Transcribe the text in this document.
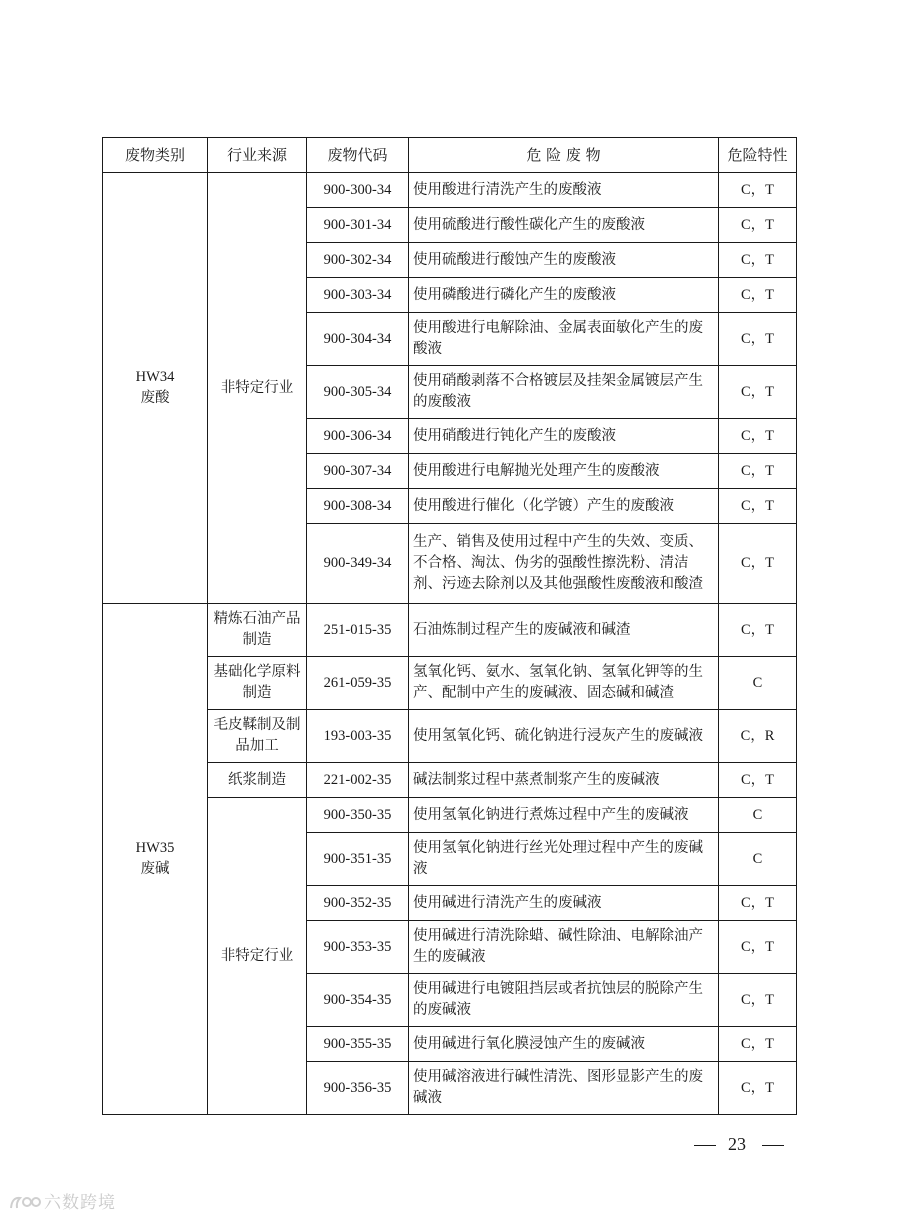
废物类别	行业来源	废物代码	危 险 废 物	危险特性
HW34
废酸	非特定行业	900-300-34	使用酸进行清洗产生的废酸液	C，T
		900-301-34	使用硫酸进行酸性碳化产生的废酸液	C，T
		900-302-34	使用硫酸进行酸蚀产生的废酸液	C，T
		900-303-34	使用磷酸进行磷化产生的废酸液	C，T
		900-304-34	使用酸进行电解除油、金属表面敏化产生的废酸液	C，T
		900-305-34	使用硝酸剥落不合格镀层及挂架金属镀层产生的废酸液	C，T
		900-306-34	使用硝酸进行钝化产生的废酸液	C，T
		900-307-34	使用酸进行电解抛光处理产生的废酸液	C，T
		900-308-34	使用酸进行催化（化学镀）产生的废酸液	C，T
		900-349-34	生产、销售及使用过程中产生的失效、变质、不合格、淘汰、伪劣的强酸性擦洗粉、清洁剂、污迹去除剂以及其他强酸性废酸液和酸渣	C，T
HW35
废碱	精炼石油产品制造	251-015-35	石油炼制过程产生的废碱液和碱渣	C，T
	基础化学原料制造	261-059-35	氢氧化钙、氨水、氢氧化钠、氢氧化钾等的生产、配制中产生的废碱液、固态碱和碱渣	C
	毛皮鞣制及制品加工	193-003-35	使用氢氧化钙、硫化钠进行浸灰产生的废碱液	C，R
	纸浆制造	221-002-35	碱法制浆过程中蒸煮制浆产生的废碱液	C，T
	非特定行业	900-350-35	使用氢氧化钠进行煮炼过程中产生的废碱液	C
		900-351-35	使用氢氧化钠进行丝光处理过程中产生的废碱液	C
		900-352-35	使用碱进行清洗产生的废碱液	C，T
		900-353-35	使用碱进行清洗除蜡、碱性除油、电解除油产生的废碱液	C，T
		900-354-35	使用碱进行电镀阻挡层或者抗蚀层的脱除产生的废碱液	C，T
		900-355-35	使用碱进行氧化膜浸蚀产生的废碱液	C，T
		900-356-35	使用碱溶液进行碱性清洗、图形显影产生的废碱液	C，T
23
六数跨境
